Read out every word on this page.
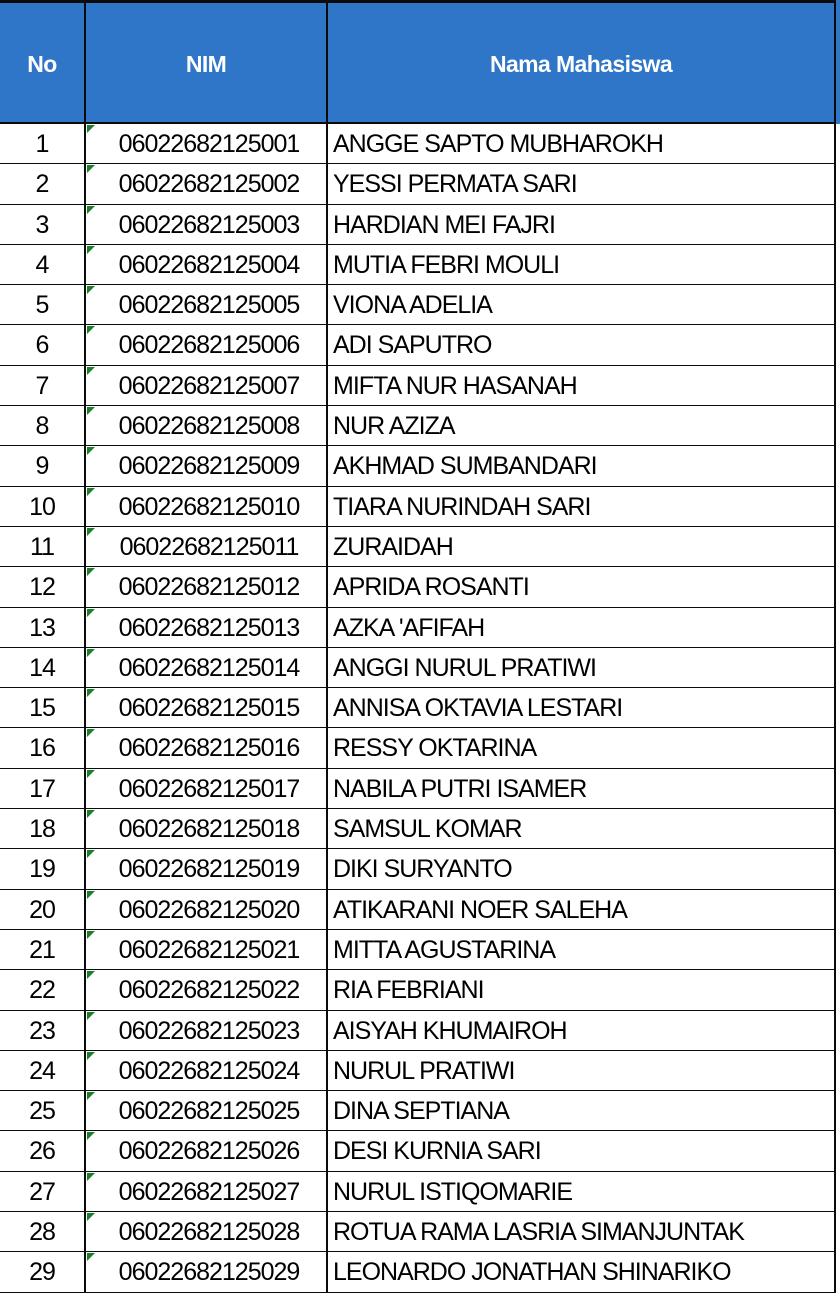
No	NIM	Nama Mahasiswa
1	06022682125001	ANGGE SAPTO MUBHAROKH
2	06022682125002	YESSI PERMATA SARI
3	06022682125003	HARDIAN MEI FAJRI
4	06022682125004	MUTIA FEBRI MOULI
5	06022682125005	VIONA ADELIA
6	06022682125006	ADI SAPUTRO
7	06022682125007	MIFTA NUR HASANAH
8	06022682125008	NUR AZIZA
9	06022682125009	AKHMAD SUMBANDARI
10	06022682125010	TIARA NURINDAH SARI
11	06022682125011	ZURAIDAH
12	06022682125012	APRIDA ROSANTI
13	06022682125013	AZKA 'AFIFAH
14	06022682125014	ANGGI NURUL PRATIWI
15	06022682125015	ANNISA OKTAVIA LESTARI
16	06022682125016	RESSY OKTARINA
17	06022682125017	NABILA PUTRI ISAMER
18	06022682125018	SAMSUL KOMAR
19	06022682125019	DIKI SURYANTO
20	06022682125020	ATIKARANI NOER SALEHA
21	06022682125021	MITTA AGUSTARINA
22	06022682125022	RIA FEBRIANI
23	06022682125023	AISYAH KHUMAIROH
24	06022682125024	NURUL PRATIWI
25	06022682125025	DINA SEPTIANA
26	06022682125026	DESI KURNIA SARI
27	06022682125027	NURUL ISTIQOMARIE
28	06022682125028	ROTUA RAMA LASRIA SIMANJUNTAK
29	06022682125029	LEONARDO JONATHAN SHINARIKO
